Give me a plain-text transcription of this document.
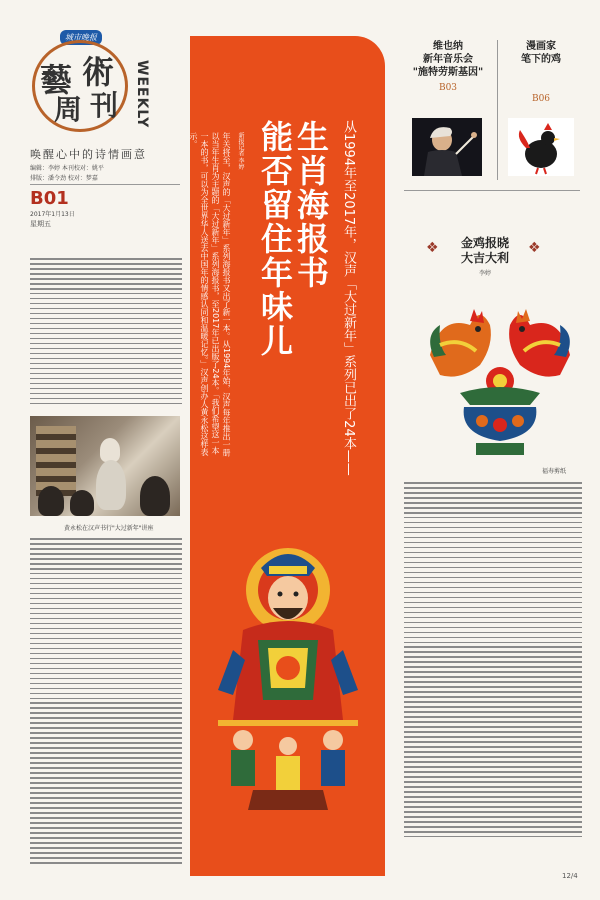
城市晚报
藝 術
周 刊 WEEKLY
唤醒心中的诗情画意
编辑：李婷 本刊校对：姚平
排版：潘令劲 校对：梦嘉
B01
2017年1月13日
星期五
黄永松在汉声书行"大过新年"讲座
生肖海报书
能否留住年味儿	从1994年至2017年，汉声「大过新年」系列已出了24本——
新报记者 李婷
年关将至，汉声的「大过新年」系列海报书又出了新一本。从1994年始，汉声每年推出一册以当年生肖为主题的「大过新年」系列海报书，至2017年已出版了24本。「我们希望这一本一本的书，可以为全世界华人送去中国年的情感认同和温暖记忆。」汉声创办人黄永松这样表示。
维也纳
新年音乐会
"施特劳斯基因"
B03
漫画家
笔下的鸡
B06
❖	金鸡报晓
大吉大利
李婷
❖
福寿剪纸
12/4
